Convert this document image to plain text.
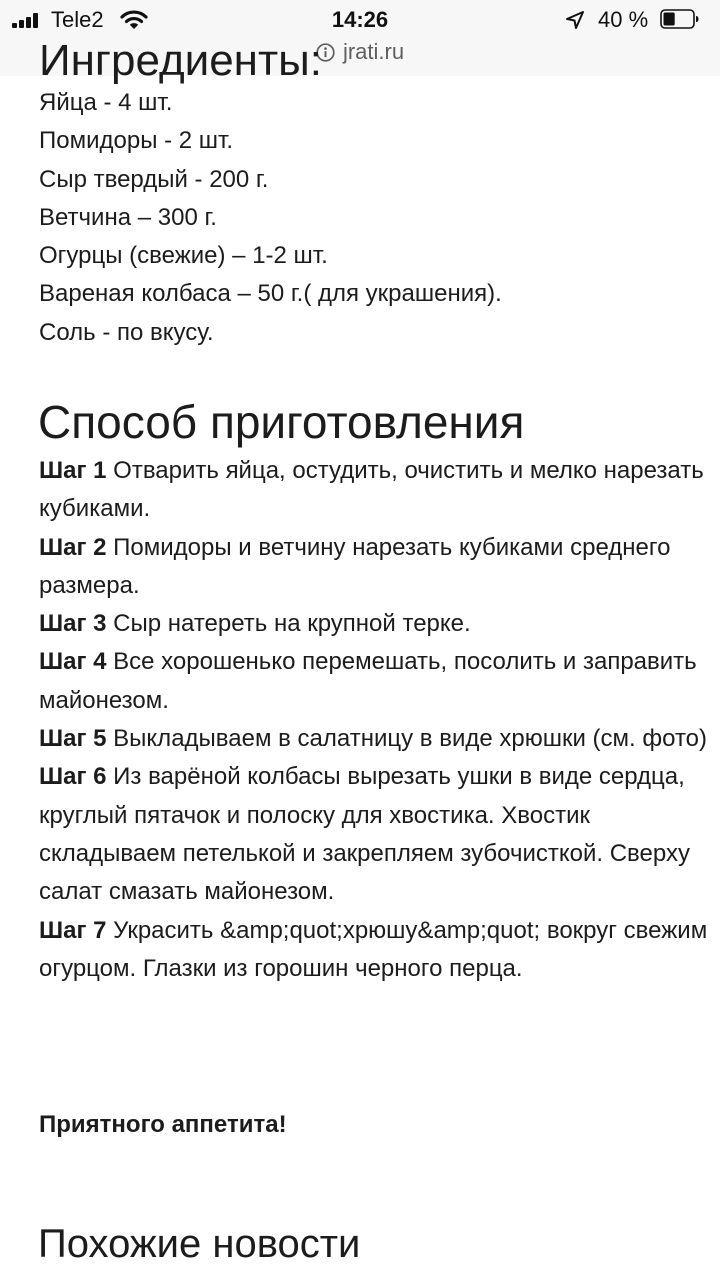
Tele2	14:26	40 %
jrati.ru
Ингредиенты:
Яйца - 4 шт.
Помидоры - 2 шт.
Сыр твердый - 200 г.
Ветчина – 300 г.
Огурцы (свежие) – 1-2 шт.
Вареная колбаса – 50 г.( для украшения).
Соль - по вкусу.
Способ приготовления

Шаг 1 Отварить яйца, остудить, очистить и мелко нарезать кубиками.
Шаг 2 Помидоры и ветчину нарезать кубиками среднего размера.
Шаг 3 Сыр натереть на крупной терке.
Шаг 4 Все хорошенько перемешать, посолить и заправить майонезом.
Шаг 5 Выкладываем в салатницу в виде хрюшки (см. фото)
Шаг 6 Из варёной колбасы вырезать ушки в виде сердца, круглый пятачок и полоску для хвостика. Хвостик складываем петелькой и закрепляем зубочисткой. Сверху салат смазать майонезом.
Шаг 7 Украсить &amp;quot;хрюшу&amp;quot; вокруг свежим огурцом. Глазки из горошин черного перца.

Приятного аппетита!

Похожие новости
